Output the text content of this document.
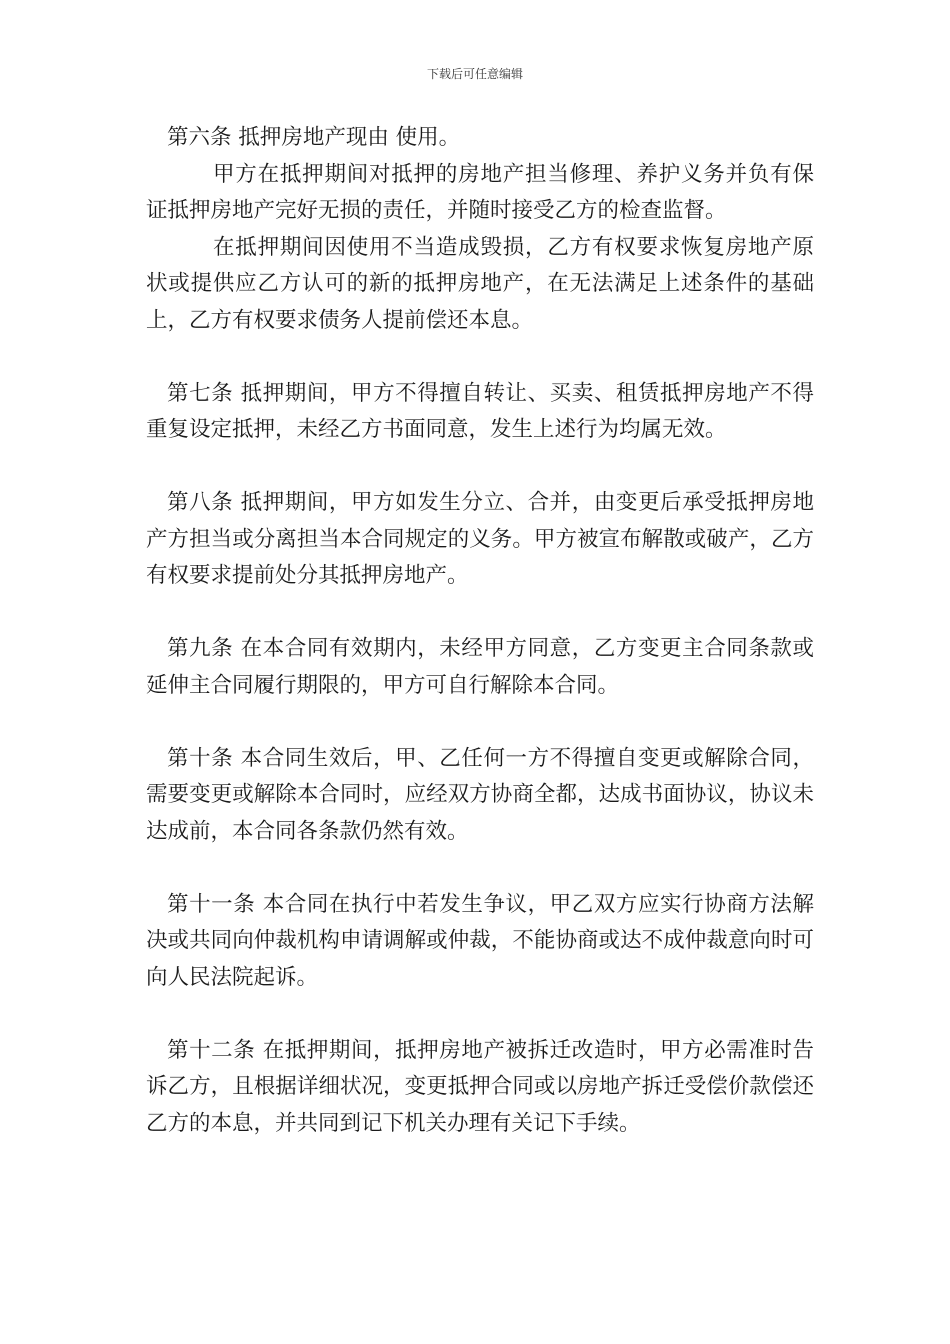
下载后可任意编辑

第六条 抵押房地产现由 使用。

甲方在抵押期间对抵押的房地产担当修理、养护义务并负有保证抵押房地产完好无损的责任，并随时接受乙方的检查监督。

在抵押期间因使用不当造成毁损，乙方有权要求恢复房地产原状或提供应乙方认可的新的抵押房地产，在无法满足上述条件的基础上，乙方有权要求债务人提前偿还本息。

第七条 抵押期间，甲方不得擅自转让、买卖、租赁抵押房地产不得重复设定抵押，未经乙方书面同意，发生上述行为均属无效。

第八条 抵押期间，甲方如发生分立、合并，由变更后承受抵押房地产方担当或分离担当本合同规定的义务。甲方被宣布解散或破产，乙方有权要求提前处分其抵押房地产。

第九条 在本合同有效期内，未经甲方同意，乙方变更主合同条款或延伸主合同履行期限的，甲方可自行解除本合同。

第十条 本合同生效后，甲、乙任何一方不得擅自变更或解除合同，需要变更或解除本合同时，应经双方协商全都，达成书面协议，协议未达成前，本合同各条款仍然有效。

第十一条 本合同在执行中若发生争议，甲乙双方应实行协商方法解决或共同向仲裁机构申请调解或仲裁，不能协商或达不成仲裁意向时可向人民法院起诉。

第十二条 在抵押期间，抵押房地产被拆迁改造时，甲方必需准时告诉乙方，且根据详细状况，变更抵押合同或以房地产拆迁受偿价款偿还乙方的本息，并共同到记下机关办理有关记下手续。
